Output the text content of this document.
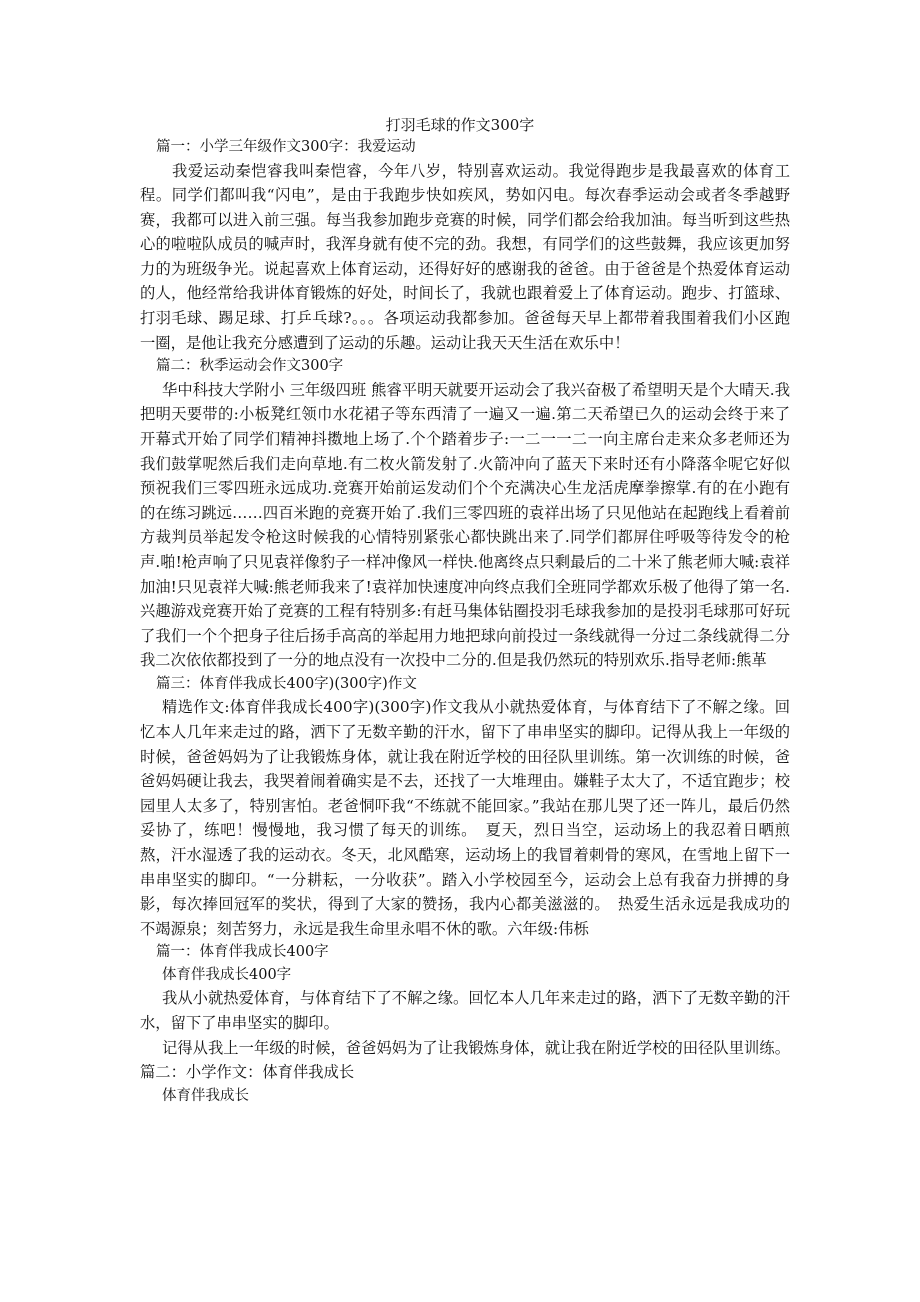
打羽毛球的作文300字

篇一：小学三年级作文300字：我爱运动

我爱运动秦恺睿我叫秦恺睿，今年八岁，特别喜欢运动。我觉得跑步是我最喜欢的体育工程。同学们都叫我“闪电”，是由于我跑步快如疾风，势如闪电。每次春季运动会或者冬季越野赛，我都可以进入前三强。每当我参加跑步竞赛的时候，同学们都会给我加油。每当听到这些热心的啦啦队成员的喊声时，我浑身就有使不完的劲。我想，有同学们的这些鼓舞，我应该更加努力的为班级争光。说起喜欢上体育运动，还得好好的感谢我的爸爸。由于爸爸是个热爱体育运动的人，他经常给我讲体育锻炼的好处，时间长了，我就也跟着爱上了体育运动。跑步、打篮球、打羽毛球、踢足球、打乒乓球?。。。各项运动我都参加。爸爸每天早上都带着我围着我们小区跑一圈，是他让我充分感遭到了运动的乐趣。运动让我天天生活在欢乐中！

篇二：秋季运动会作文300字

华中科技大学附小 三年级四班 熊睿平明天就要开运动会了我兴奋极了希望明天是个大晴天.我把明天要带的:小板凳红领巾水花裙子等东西清了一遍又一遍.第二天希望已久的运动会终于来了开幕式开始了同学们精神抖擞地上场了.个个踏着步子:一二一一二一向主席台走来众多老师还为我们鼓掌呢然后我们走向草地.有二枚火箭发射了.火箭冲向了蓝天下来时还有小降落伞呢它好似预祝我们三零四班永远成功.竞赛开始前运发动们个个充满决心生龙活虎摩拳擦掌.有的在小跑有的在练习跳远……四百米跑的竞赛开始了.我们三零四班的袁祥出场了只见他站在起跑线上看着前方裁判员举起发令枪这时候我的心情特别紧张心都快跳出来了.同学们都屏住呼吸等待发令的枪声.啪!枪声响了只见袁祥像豹子一样冲像风一样快.他离终点只剩最后的二十米了熊老师大喊:袁祥加油!只见袁祥大喊:熊老师我来了!袁祥加快速度冲向终点我们全班同学都欢乐极了他得了第一名.兴趣游戏竞赛开始了竞赛的工程有特别多:有赶马集体钻圈投羽毛球我参加的是投羽毛球那可好玩了我们一个个把身子往后扬手高高的举起用力地把球向前投过一条线就得一分过二条线就得二分我二次依依都投到了一分的地点没有一次投中二分的.但是我仍然玩的特别欢乐.指导老师:熊革

篇三：体育伴我成长400字)(300字)作文

精选作文:体育伴我成长400字)(300字)作文我从小就热爱体育，与体育结下了不解之缘。回忆本人几年来走过的路，洒下了无数辛勤的汗水，留下了串串坚实的脚印。记得从我上一年级的时候，爸爸妈妈为了让我锻炼身体，就让我在附近学校的田径队里训练。第一次训练的时候，爸爸妈妈硬让我去，我哭着闹着确实是不去，还找了一大堆理由。嫌鞋子太大了，不适宜跑步；校园里人太多了，特别害怕。老爸恫吓我“不练就不能回家。”我站在那儿哭了还一阵儿，最后仍然妥协了，练吧！慢慢地，我习惯了每天的训练。　夏天，烈日当空，运动场上的我忍着日晒煎熬，汗水湿透了我的运动衣。冬天，北风酷寒，运动场上的我冒着刺骨的寒风，在雪地上留下一串串坚实的脚印。“一分耕耘，一分收获”。踏入小学校园至今，运动会上总有我奋力拼搏的身影，每次捧回冠军的奖状，得到了大家的赞扬，我内心都美滋滋的。　热爱生活永远是我成功的不竭源泉；刻苦努力，永远是我生命里永唱不休的歌。六年级:伟栎

篇一：体育伴我成长400字

体育伴我成长400字

我从小就热爱体育，与体育结下了不解之缘。回忆本人几年来走过的路，洒下了无数辛勤的汗水，留下了串串坚实的脚印。

记得从我上一年级的时候，爸爸妈妈为了让我锻炼身体，就让我在附近学校的田径队里训练。篇二：小学作文：体育伴我成长

体育伴我成长
